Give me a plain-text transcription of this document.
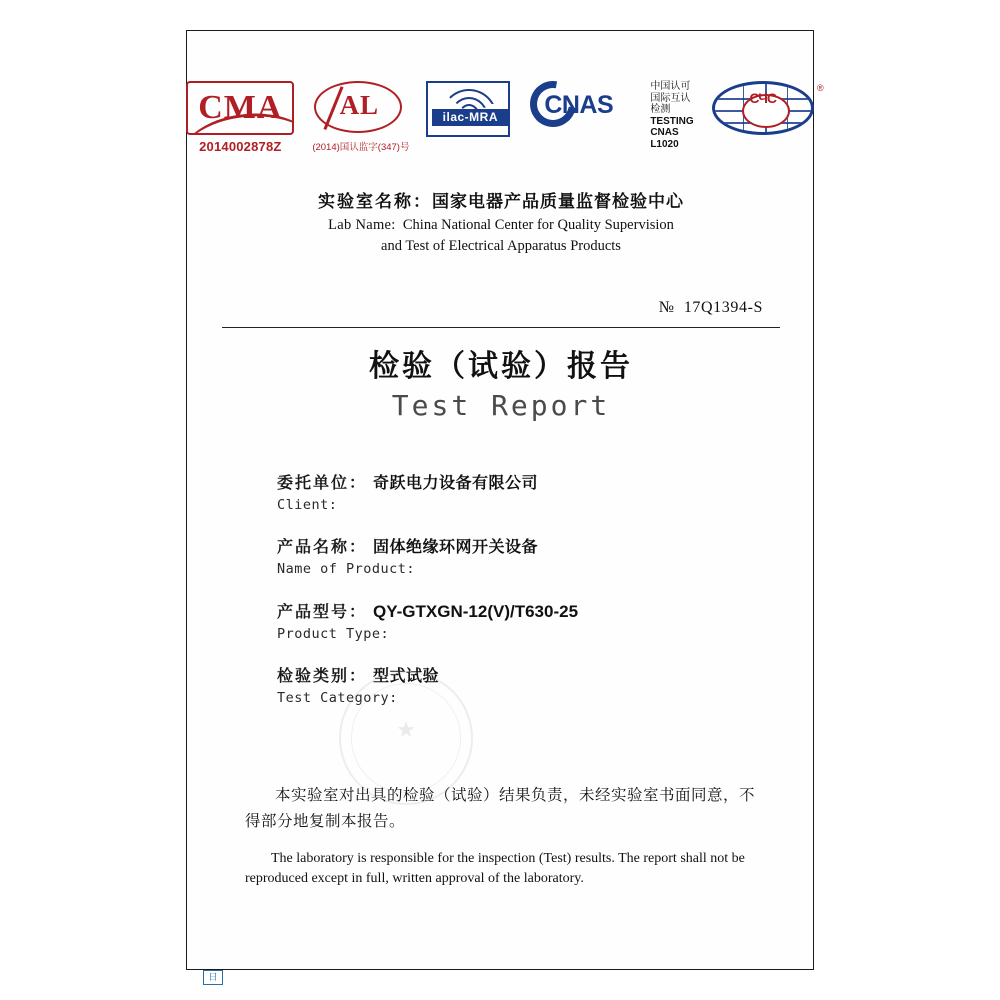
CMA
2014002878Z
AL
(2014)国认监字(347)号
ilac-MRA	CNAS
中国认可
国际互认
检测
TESTING
CNAS L1020
СЧС
®
实验室名称：国家电器产品质量监督检验中心
Lab Name: China National Center for Quality Supervision
and Test of Electrical Apparatus Products
№ 17Q1394-S
检验（试验）报告
Test Report
委托单位： 奇跃电力设备有限公司
Client:
产品名称： 固体绝缘环网开关设备
Name of Product:
产品型号： QY-GTXGN-12(V)/T630-25
Product Type:
检验类别： 型式试验
Test Category:
★
本实验室对出具的检验（试验）结果负责，未经实验室书面同意，不得部分地复制本报告。
The laboratory is responsible for the inspection (Test) results. The report shall not be reproduced except in full, written approval of the laboratory.
日
